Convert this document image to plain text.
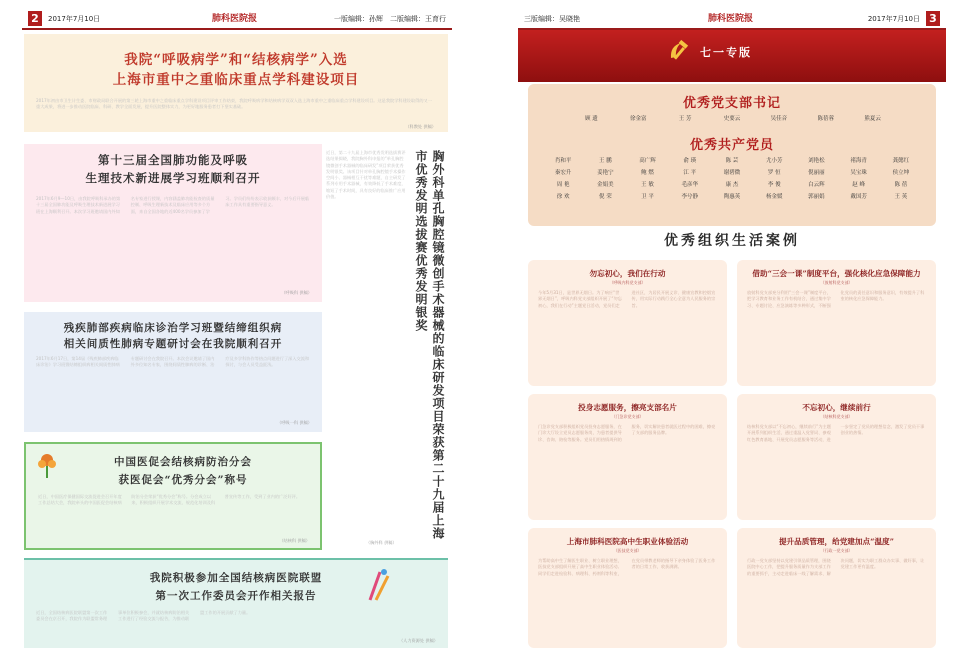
2	2017年7月10日	肺科医院报	一版编辑：孙辉　二版编辑：王育行
我院“呼吸病学”和“结核病学”入选
上海市重中之重临床重点学科建设项目
2017年初由市卫生计生委、市财政局联合开展的第三轮上海市重中之重临床重点学科建设项目评审工作结束，我院呼吸病学和结核病学双双入选上海市重中之重临床重点学科建设项目。这是我院学科建设取得的又一重大成果，将进一步推动医院临床、科研、教学全面发展，提升医院整体实力，为更好地服务患者打下坚实基础。
（科教处 供稿）
第十三届全国肺功能及呼吸
生理技术新进展学习班顺利召开
2017年6月9—10日，由我院呼吸科承办的第十三届全国肺功能及呼吸生理技术新进展学习班在上海顺利召开。本次学习班邀请国内外知名专家进行授课，内容涵盖肺功能检查的质量控制、呼吸生理新技术及临床应用等多个方面，来自全国各地的近400名学员参加了学习。学员们纷纷表示收获颇丰，对今后开展临床工作具有重要指导意义。
（呼吸科 供稿）
残疾肺部疾病临床诊治学习班暨结缔组织病
相关间质性肺病专题研讨会在我院顺利召开
2017年6月17日，第14届《残疾肺部疾病临床诊治》学习班暨结缔组织病相关间质性肺病专题研讨会在我院召开。本次会议邀请了国内外多位知名专家，围绕间质性肺病的诊断、治疗及多学科协作等热点问题进行了深入交流和探讨，与会人员受益匪浅。
（呼吸一科 供稿）
中国医促会结核病防治分会
获医促会“优秀分会”称号
近日，中国医疗保健国际交流促进会召开年度工作总结大会，我院牵头的中国医促会结核病防治分会荣获“优秀分会”称号。分会成立以来，积极组织开展学术交流、规范化培训及科普宣传等工作，受到了业内的广泛好评。
（结核科 供稿）
我院积极参加全国结核病医院联盟
第一次工作委员会开作相关报告
近日，全国结核病医院联盟第一次工作委员会在京召开，我院作为联盟常务理事单位积极参会，并就结核病防治相关工作进行了经验交流与报告，为推动联盟工作的开展贡献了力量。
（人力资源处 供稿）
近日，第二十九届上海市优秀发明选拔赛评选结果揭晓，我院胸外科申报的“单孔胸腔镜微创手术器械的临床研发”项目荣获优秀发明银奖。该项目针对单孔胸腔镜手术操作空间小、器械相互干扰等难题，自主研发了系列专用手术器械，有效降低了手术难度，缩短了手术时间，具有良好的临床推广应用价值。	胸外科单孔胸腔镜微创手术器械的临床研发项目荣获第二十九届上海市优秀发明选拔赛优秀发明银奖
（胸外科 供稿）
三版编辑：吴晓艳	肺科医院报	2017年7月10日 3
七一专版
优秀党支部书记
顾 遗	徐金富	王 芳	史要云	吴佳音	陈蓓蓉	熊夏云
优秀共产党员
肖和平	王 鹏	高广辉	俞 瑛	陈 芸	尤小芳	刘艳松	褚海青	龚懿红
秦宏升	姜艳宁	鲍 燃	江 平	谢碧微	罗 恒	倪丽丽	吴宝珠	侯立坤
周 艳	金娟美	王 敏	毛彦华	康 杰	李 俊	白云辉	赵 峰	陈 蓓
徐 欢	倪 荣	卫 平	李兮静	陶惠英	杨金媛	郭丽娟	戴国芳	王 英
优秀组织生活案例
勿忘初心，我们在行动
（呼吸内科党支部）
今年5月31日，是世界无烟日。为了响应“世界无烟日”，呼吸内科党支部组织开展了“勿忘初心，我们在行动”主题党日活动，党员们走进社区，为居民开展义诊、健康宣教和控烟宣传，用实际行动践行全心全意为人民服务的宗旨。
借助“三会一课”制度平台，强化核化应急保障能力
（放射科党支部）
放射科党支部充分利用“三会一课”制度平台，把学习教育和业务工作有机结合，通过集中学习、专题讨论、应急演练等多种形式，不断强化党员的责任意识和服务意识，有效提升了科室的核化应急保障能力。
投身志愿服务，擦亮支部名片
（门急诊党支部）
门急诊党支部积极组织党员投身志愿服务，在门诊大厅设立党员志愿服务岗，为患者提供导诊、咨询、陪检等服务。党员们用热情周到的服务，切实解决患者就医过程中的困难，擦亮了支部的服务品牌。
不忘初心，继续前行
（结核科党支部）
结核科党支部以“不忘初心，继续前行”为主题开展系列组织生活，通过重温入党誓词、参观红色教育基地、开展党员志愿服务等活动，进一步坚定了党员的理想信念，激发了党员干事创业的热情。
上海市肺科医院高中生职业体验活动
（医技党支部）
为帮助高中生了解医生职业、树立职业理想，医技党支部组织开展了高中生职业体验活动。同学们走进检验科、病理科、药剂科等科室，在党员带教老师的指导下亲身体验了医务工作者的日常工作，收获满满。
提升品质管理，给党建加点“温度”
（行政一党支部）
行政一党支部坚持以党建引领品质管理，围绕医院中心工作，把提升服务质量作为支部工作的重要抓手，主动走进临床一线了解需求、解决问题，切实为职工群众办实事、做好事，让党建工作更有温度。
